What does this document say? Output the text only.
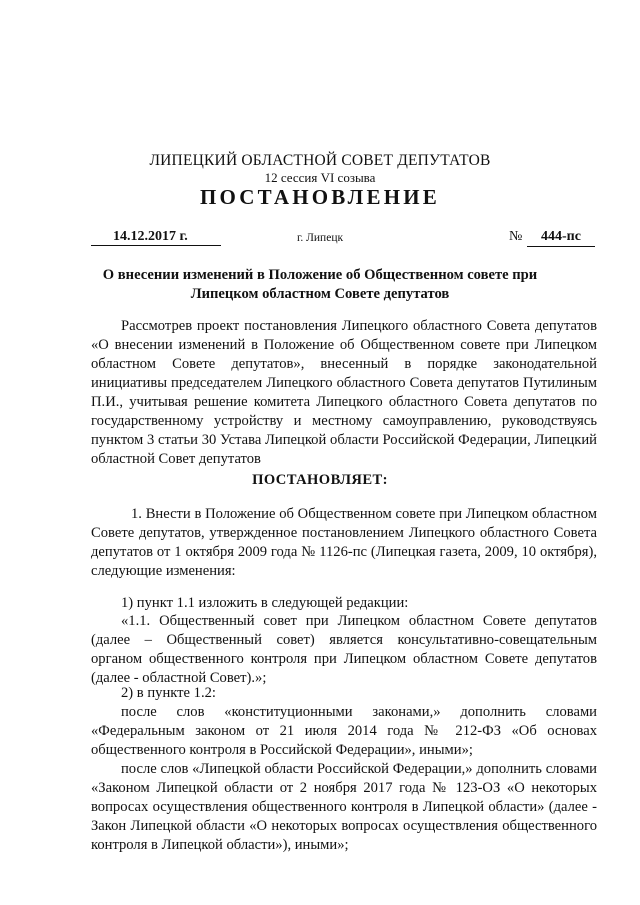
ЛИПЕЦКИЙ ОБЛАСТНОЙ СОВЕТ ДЕПУТАТОВ
12 сессия VI созыва
ПОСТАНОВЛЕНИЕ
14.12.2017 г.	г. Липецк	№	444-пс
О внесении изменений в Положение об Общественном совете при
Липецком областном Совете депутатов

Рассмотрев проект постановления Липецкого областного Совета депутатов «О внесении изменений в Положение об Общественном совете при Липецком областном Совете депутатов», внесенный в порядке законодательной инициативы председателем Липецкого областного Совета депутатов Путилиным П.И., учитывая решение комитета Липецкого областного Совета депутатов по государственному устройству и местному самоуправлению, руководствуясь пунктом 3 статьи 30 Устава Липецкой области Российской Федерации, Липецкий областной Совет депутатов

ПОСТАНОВЛЯЕТ:

1. Внести в Положение об Общественном совете при Липецком областном Совете депутатов, утвержденное постановлением Липецкого областного Совета депутатов от 1 октября 2009 года № 1126-пс (Липецкая газета, 2009, 10 октября), следующие изменения:

1) пункт 1.1 изложить в следующей редакции:

«1.1. Общественный совет при Липецком областном Совете депутатов (далее – Общественный совет) является консультативно-совещательным органом общественного контроля при Липецком областном Совете депутатов (далее - областной Совет).»;

2) в пункте 1.2:

после слов «конституционными законами,» дополнить словами «Федеральным законом от 21 июля 2014 года № 212-ФЗ «Об основах общественного контроля в Российской Федерации», иными»;

после слов «Липецкой области Российской Федерации,» дополнить словами «Законом Липецкой области от 2 ноября 2017 года № 123-ОЗ «О некоторых вопросах осуществления общественного контроля в Липецкой области» (далее - Закон Липецкой области «О некоторых вопросах осуществления общественного контроля в Липецкой области»), иными»;
